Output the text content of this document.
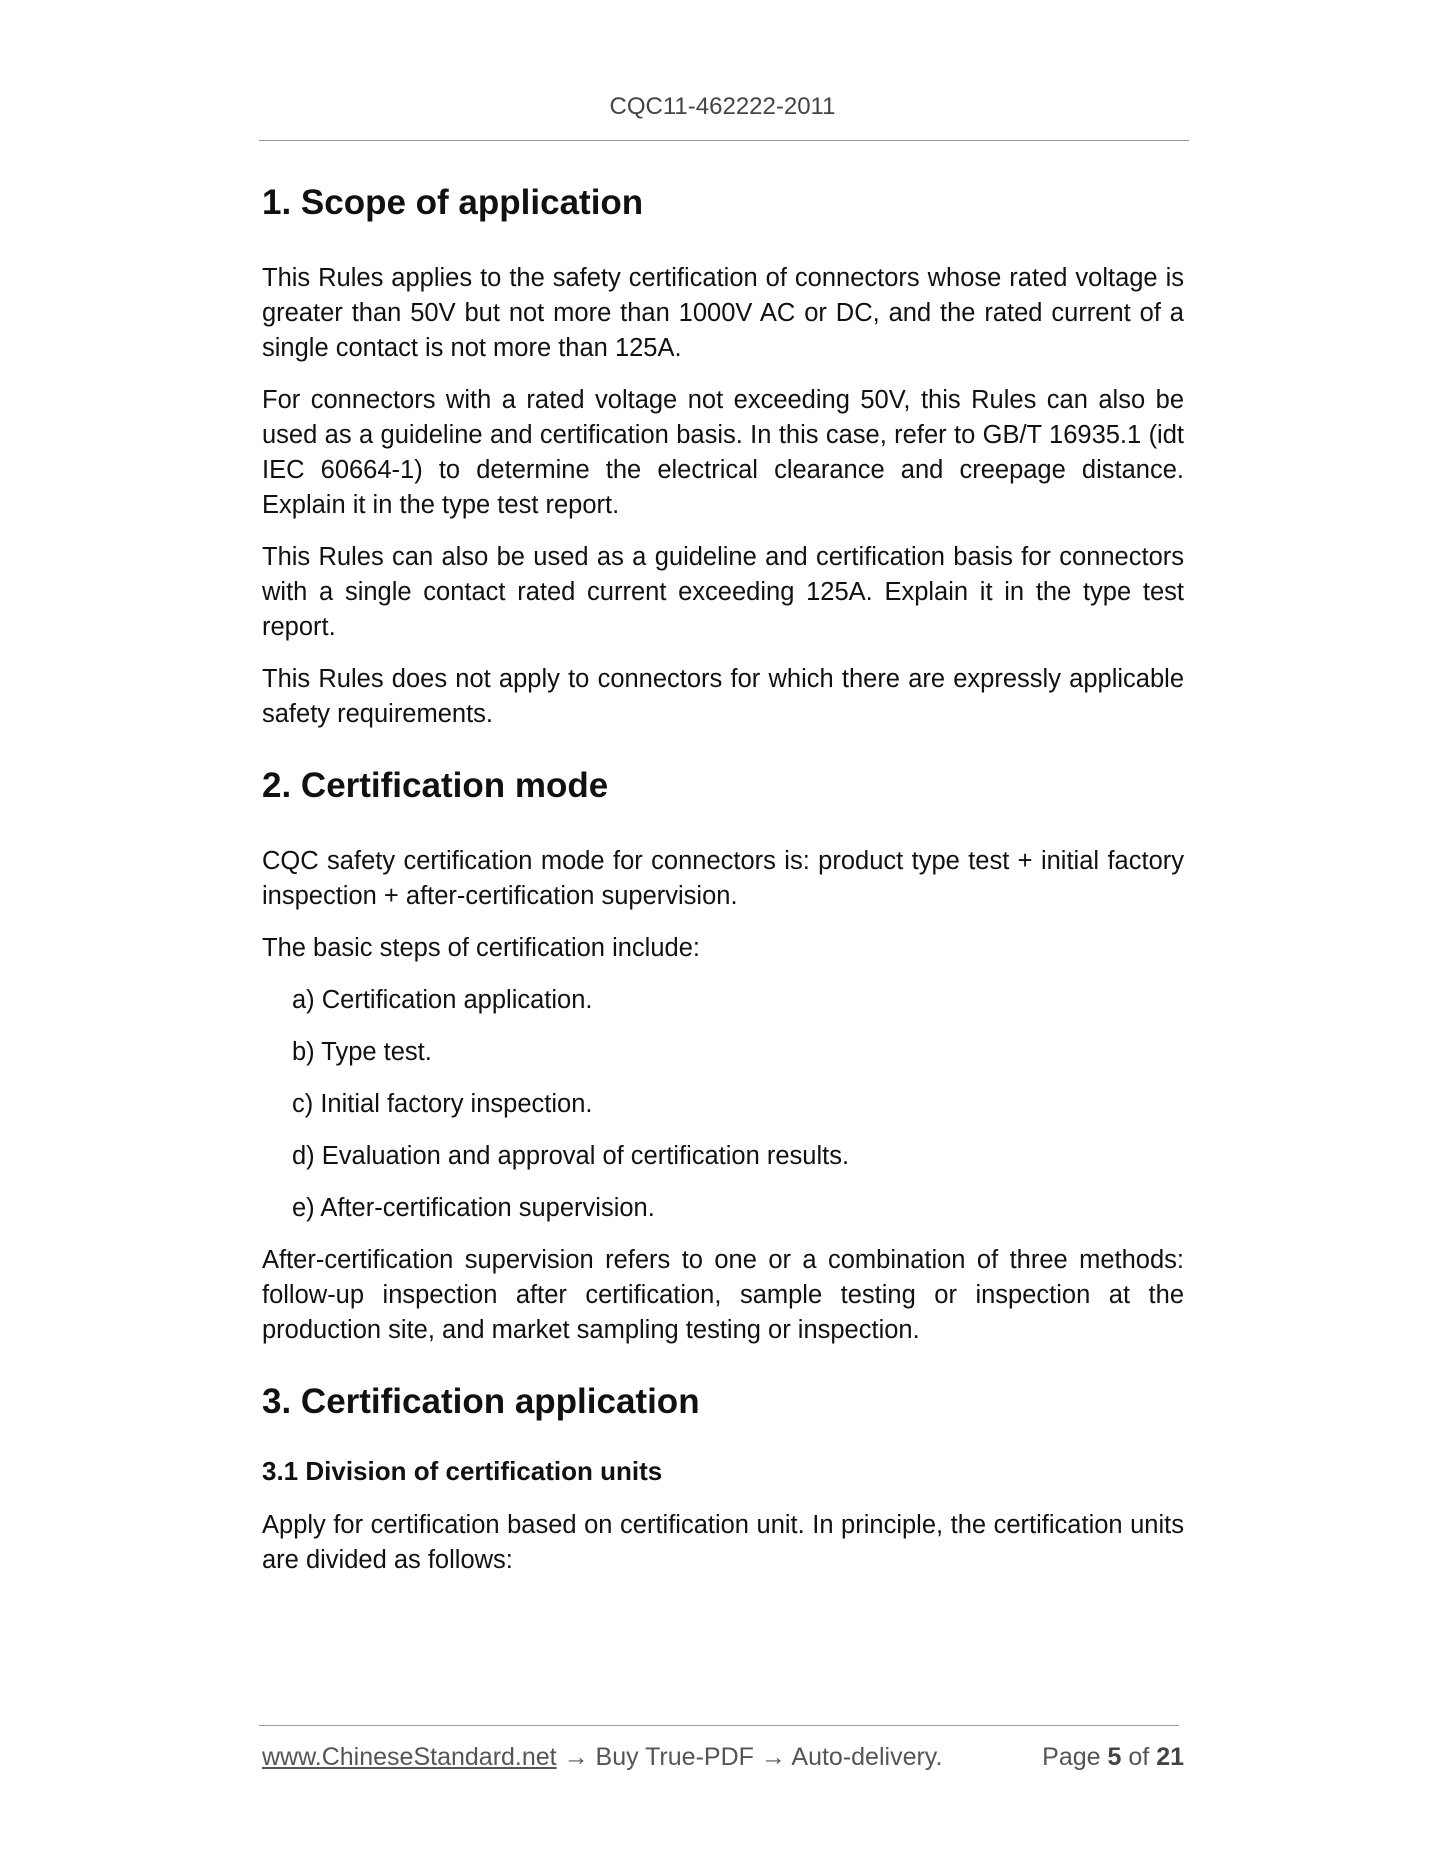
CQC11-462222-2011
1. Scope of application

This Rules applies to the safety certification of connectors whose rated voltage is greater than 50V but not more than 1000V AC or DC, and the rated current of a single contact is not more than 125A.

For connectors with a rated voltage not exceeding 50V, this Rules can also be used as a guideline and certification basis. In this case, refer to GB/T 16935.1 (idt IEC 60664-1) to determine the electrical clearance and creepage distance. Explain it in the type test report.

This Rules can also be used as a guideline and certification basis for connectors with a single contact rated current exceeding 125A. Explain it in the type test report.

This Rules does not apply to connectors for which there are expressly applicable safety requirements.

2. Certification mode

CQC safety certification mode for connectors is: product type test + initial factory inspection + after-certification supervision.

The basic steps of certification include:

a) Certification application.
b) Type test.
c) Initial factory inspection.
d) Evaluation and approval of certification results.
e) After-certification supervision.

After-certification supervision refers to one or a combination of three methods: follow-up inspection after certification, sample testing or inspection at the production site, and market sampling testing or inspection.

3. Certification application
3.1 Division of certification units

Apply for certification based on certification unit. In principle, the certification units are divided as follows:

www.ChineseStandard.net → Buy True-PDF → Auto-delivery.	Page 5 of 21
